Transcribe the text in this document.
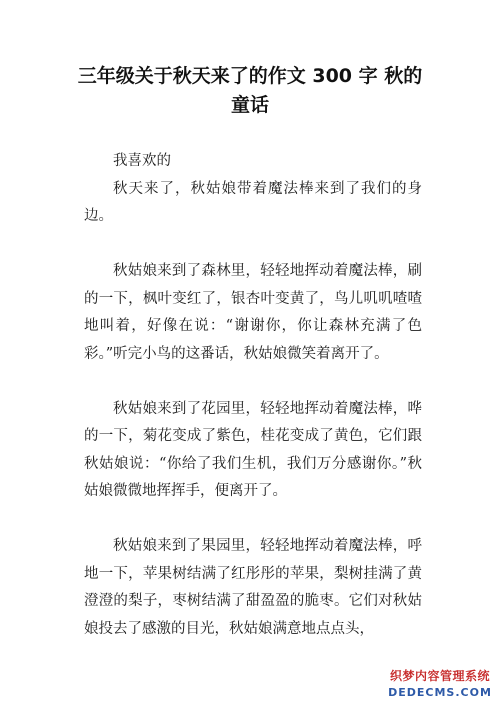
三年级关于秋天来了的作文 300 字 秋的童话

我喜欢的

秋天来了，秋姑娘带着魔法棒来到了我们的身边。

秋姑娘来到了森林里，轻轻地挥动着魔法棒，刷的一下，枫叶变红了，银杏叶变黄了，鸟儿叽叽喳喳地叫着，好像在说：“谢谢你，你让森林充满了色彩。”听完小鸟的这番话，秋姑娘微笑着离开了。

秋姑娘来到了花园里，轻轻地挥动着魔法棒，哗的一下，菊花变成了紫色，桂花变成了黄色，它们跟秋姑娘说：“你给了我们生机，我们万分感谢你。”秋姑娘微微地挥挥手，便离开了。

秋姑娘来到了果园里，轻轻地挥动着魔法棒，呼地一下，苹果树结满了红彤彤的苹果，梨树挂满了黄澄澄的梨子，枣树结满了甜盈盈的脆枣。它们对秋姑娘投去了感激的目光，秋姑娘满意地点点头，

织梦内容管理系统
DEDECMS.COM
